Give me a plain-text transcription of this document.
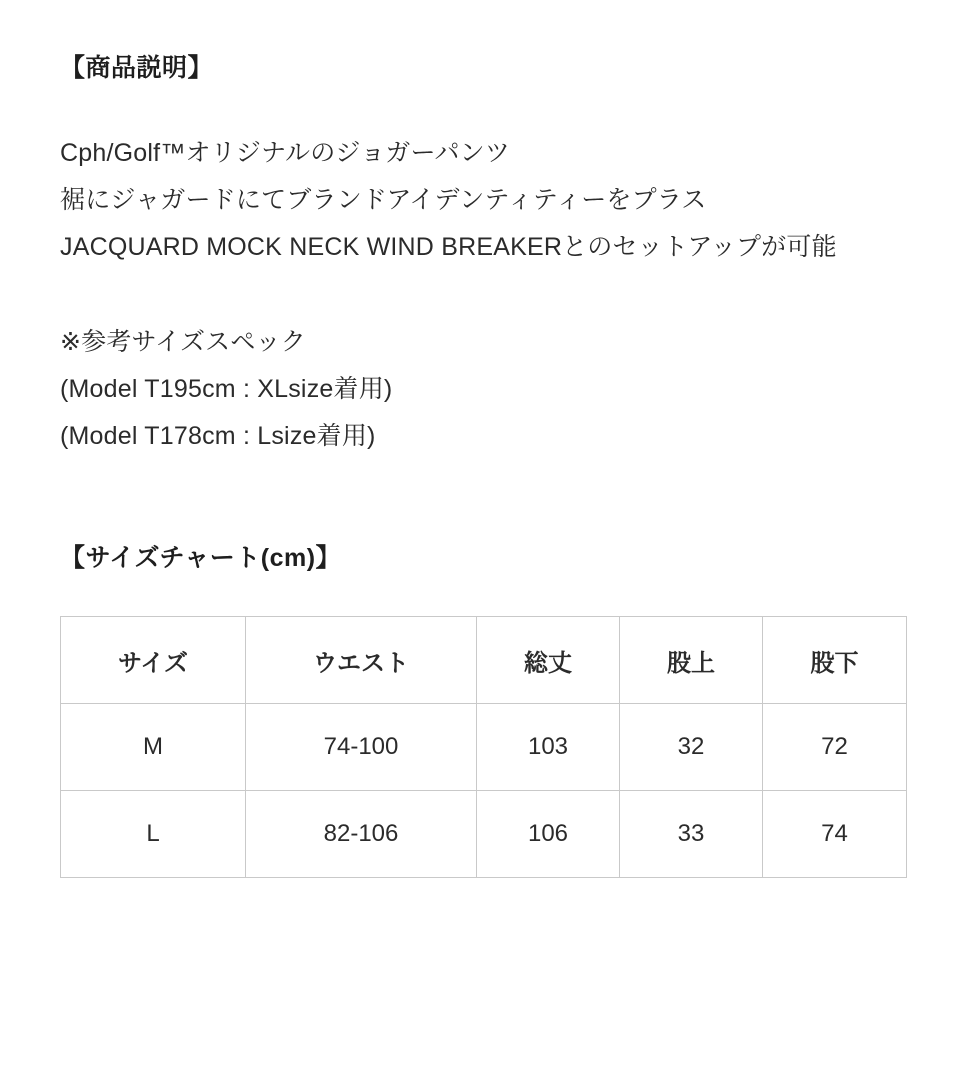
【商品説明】

Cph/Golf™オリジナルのジョガーパンツ
裾にジャガードにてブランドアイデンティティーをプラス
JACQUARD MOCK NECK WIND BREAKERとのセットアップが可能

※参考サイズスペック
(Model T195cm : XLsize着用)
(Model T178cm : Lsize着用)

【サイズチャート(cm)】
サイズ	ウエスト	総丈	股上	股下
M	74-100	103	32	72
L	82-106	106	33	74
